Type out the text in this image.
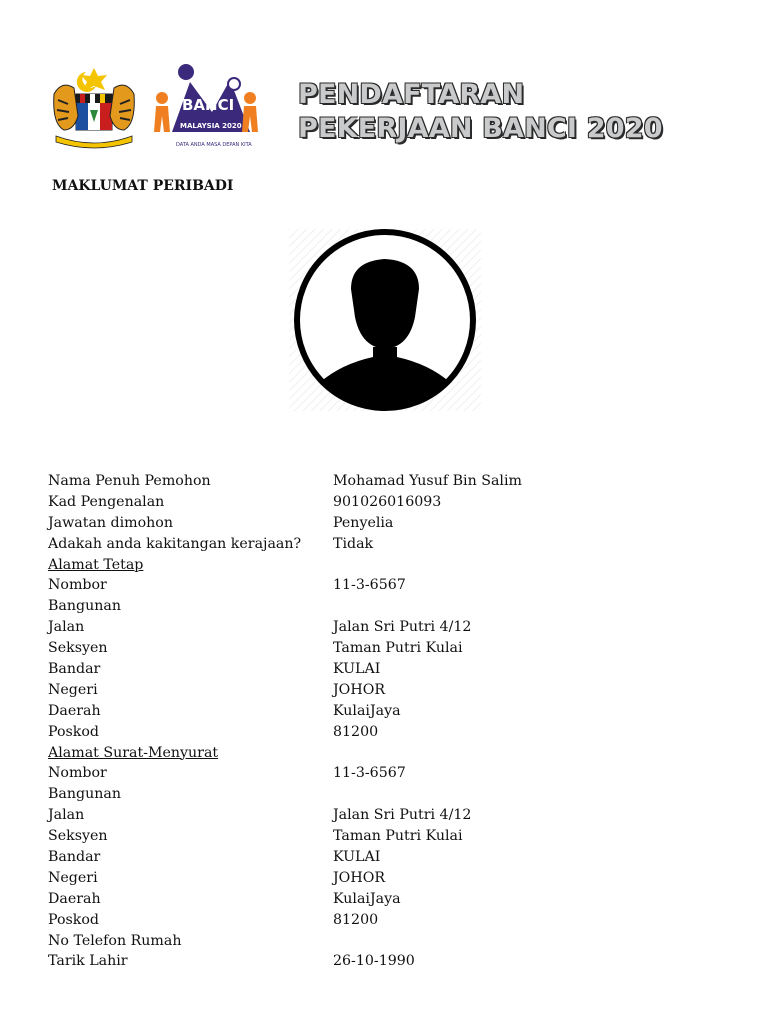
BANCI
MALAYSIA 2020
DATA ANDA MASA DEPAN KITA
PENDAFTARAN
PEKERJAAN BANCI 2020
MAKLUMAT PERIBADI
Nama Penuh Pemohon	Mohamad Yusuf Bin Salim
Kad Pengenalan	901026016093
Jawatan dimohon	Penyelia
Adakah anda kakitangan kerajaan?	Tidak
Alamat Tetap
Nombor	11-3-6567
Bangunan
Jalan	Jalan Sri Putri 4/12
Seksyen	Taman Putri Kulai
Bandar	KULAI
Negeri	JOHOR
Daerah	KulaiJaya
Poskod	81200
Alamat Surat-Menyurat
Nombor	11-3-6567
Bangunan
Jalan	Jalan Sri Putri 4/12
Seksyen	Taman Putri Kulai
Bandar	KULAI
Negeri	JOHOR
Daerah	KulaiJaya
Poskod	81200
No Telefon Rumah
Tarik Lahir	26-10-1990
